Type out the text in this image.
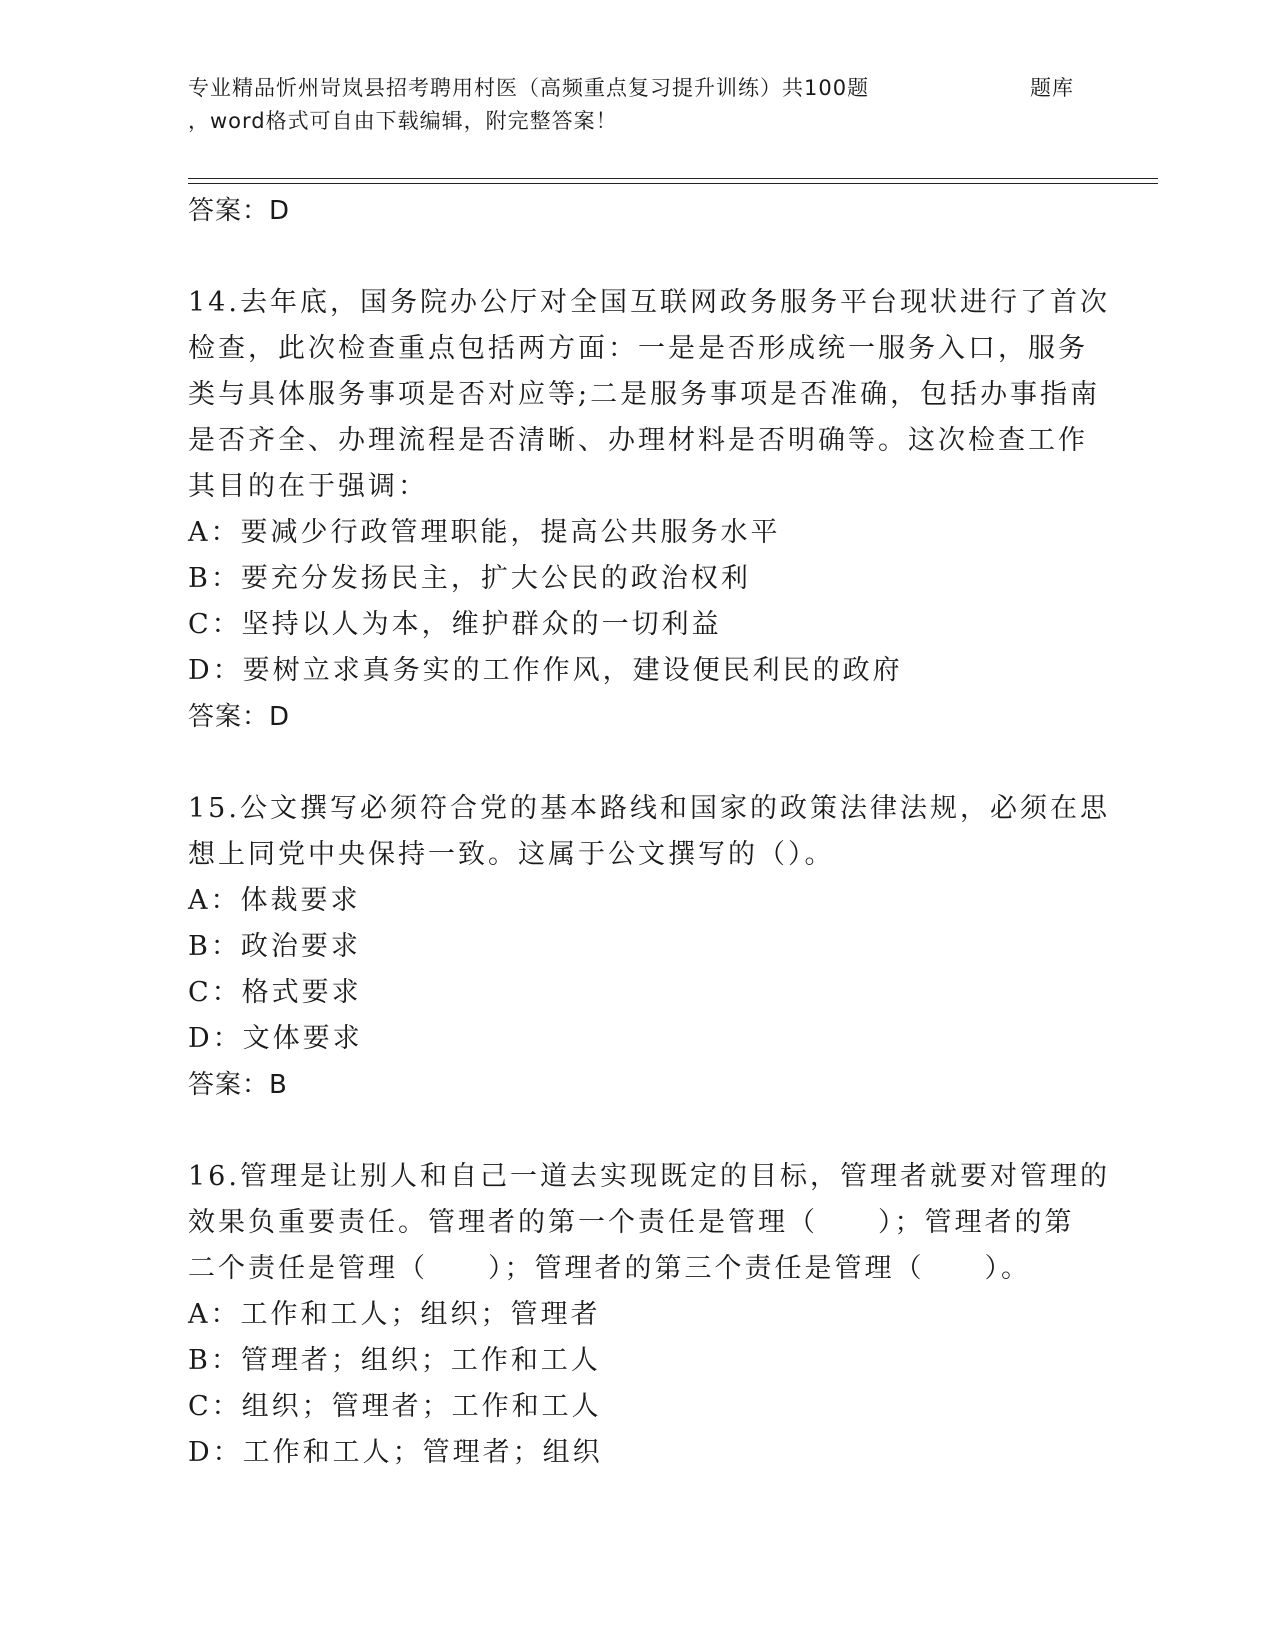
专业精品忻州岢岚县招考聘用村医（高频重点复习提升训练）共100题	题库
，word格式可自由下载编辑，附完整答案！
答案：D
14.去年底，国务院办公厅对全国互联网政务服务平台现状进行了首次
检查，此次检查重点包括两方面：一是是否形成统一服务入口，服务
类与具体服务事项是否对应等;二是服务事项是否准确，包括办事指南
是否齐全、办理流程是否清晰、办理材料是否明确等。这次检查工作
其目的在于强调：
A：要减少行政管理职能，提高公共服务水平
B：要充分发扬民主，扩大公民的政治权利
C：坚持以人为本，维护群众的一切利益
D：要树立求真务实的工作作风，建设便民利民的政府
答案：D
15.公文撰写必须符合党的基本路线和国家的政策法律法规，必须在思
想上同党中央保持一致。这属于公文撰写的（）。
A：体裁要求
B：政治要求
C：格式要求
D：文体要求
答案：B
16.管理是让别人和自己一道去实现既定的目标，管理者就要对管理的
效果负重要责任。管理者的第一个责任是管理（　　）；管理者的第
二个责任是管理（　　）；管理者的第三个责任是管理（　　）。
A：工作和工人；组织；管理者
B：管理者；组织；工作和工人
C：组织；管理者；工作和工人
D：工作和工人；管理者；组织
